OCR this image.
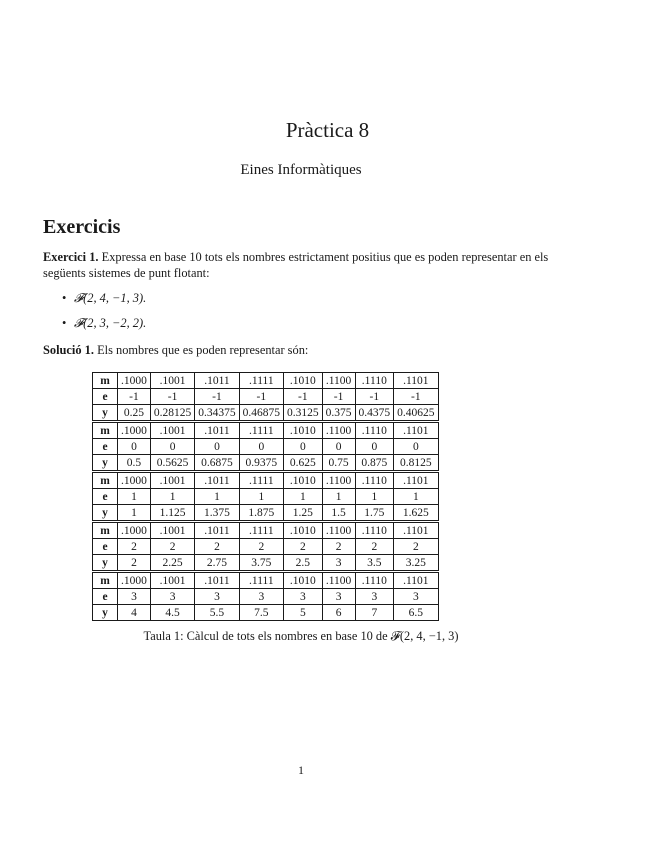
Pràctica 8
Eines Informàtiques
Exercicis
Exercici 1. Expressa en base 10 tots els nombres estrictament positius que es poden representar en els següents sistemes de punt flotant:
• 𝓕(2, 4, −1, 3).
• 𝓕(2, 3, −2, 2).
Solució 1. Els nombres que es poden representar són:
m	.1000	.1001	.1011	.1111	.1010	.1100	.1110	.1101
e	-1	-1	-1	-1	-1	-1	-1	-1
y	0.25	0.28125	0.34375	0.46875	0.3125	0.375	0.4375	0.40625
m	.1000	.1001	.1011	.1111	.1010	.1100	.1110	.1101
e	0	0	0	0	0	0	0	0
y	0.5	0.5625	0.6875	0.9375	0.625	0.75	0.875	0.8125
m	.1000	.1001	.1011	.1111	.1010	.1100	.1110	.1101
e	1	1	1	1	1	1	1	1
y	1	1.125	1.375	1.875	1.25	1.5	1.75	1.625
m	.1000	.1001	.1011	.1111	.1010	.1100	.1110	.1101
e	2	2	2	2	2	2	2	2
y	2	2.25	2.75	3.75	2.5	3	3.5	3.25
m	.1000	.1001	.1011	.1111	.1010	.1100	.1110	.1101
e	3	3	3	3	3	3	3	3
y	4	4.5	5.5	7.5	5	6	7	6.5
Taula 1: Càlcul de tots els nombres en base 10 de 𝓕(2, 4, −1, 3)
1
